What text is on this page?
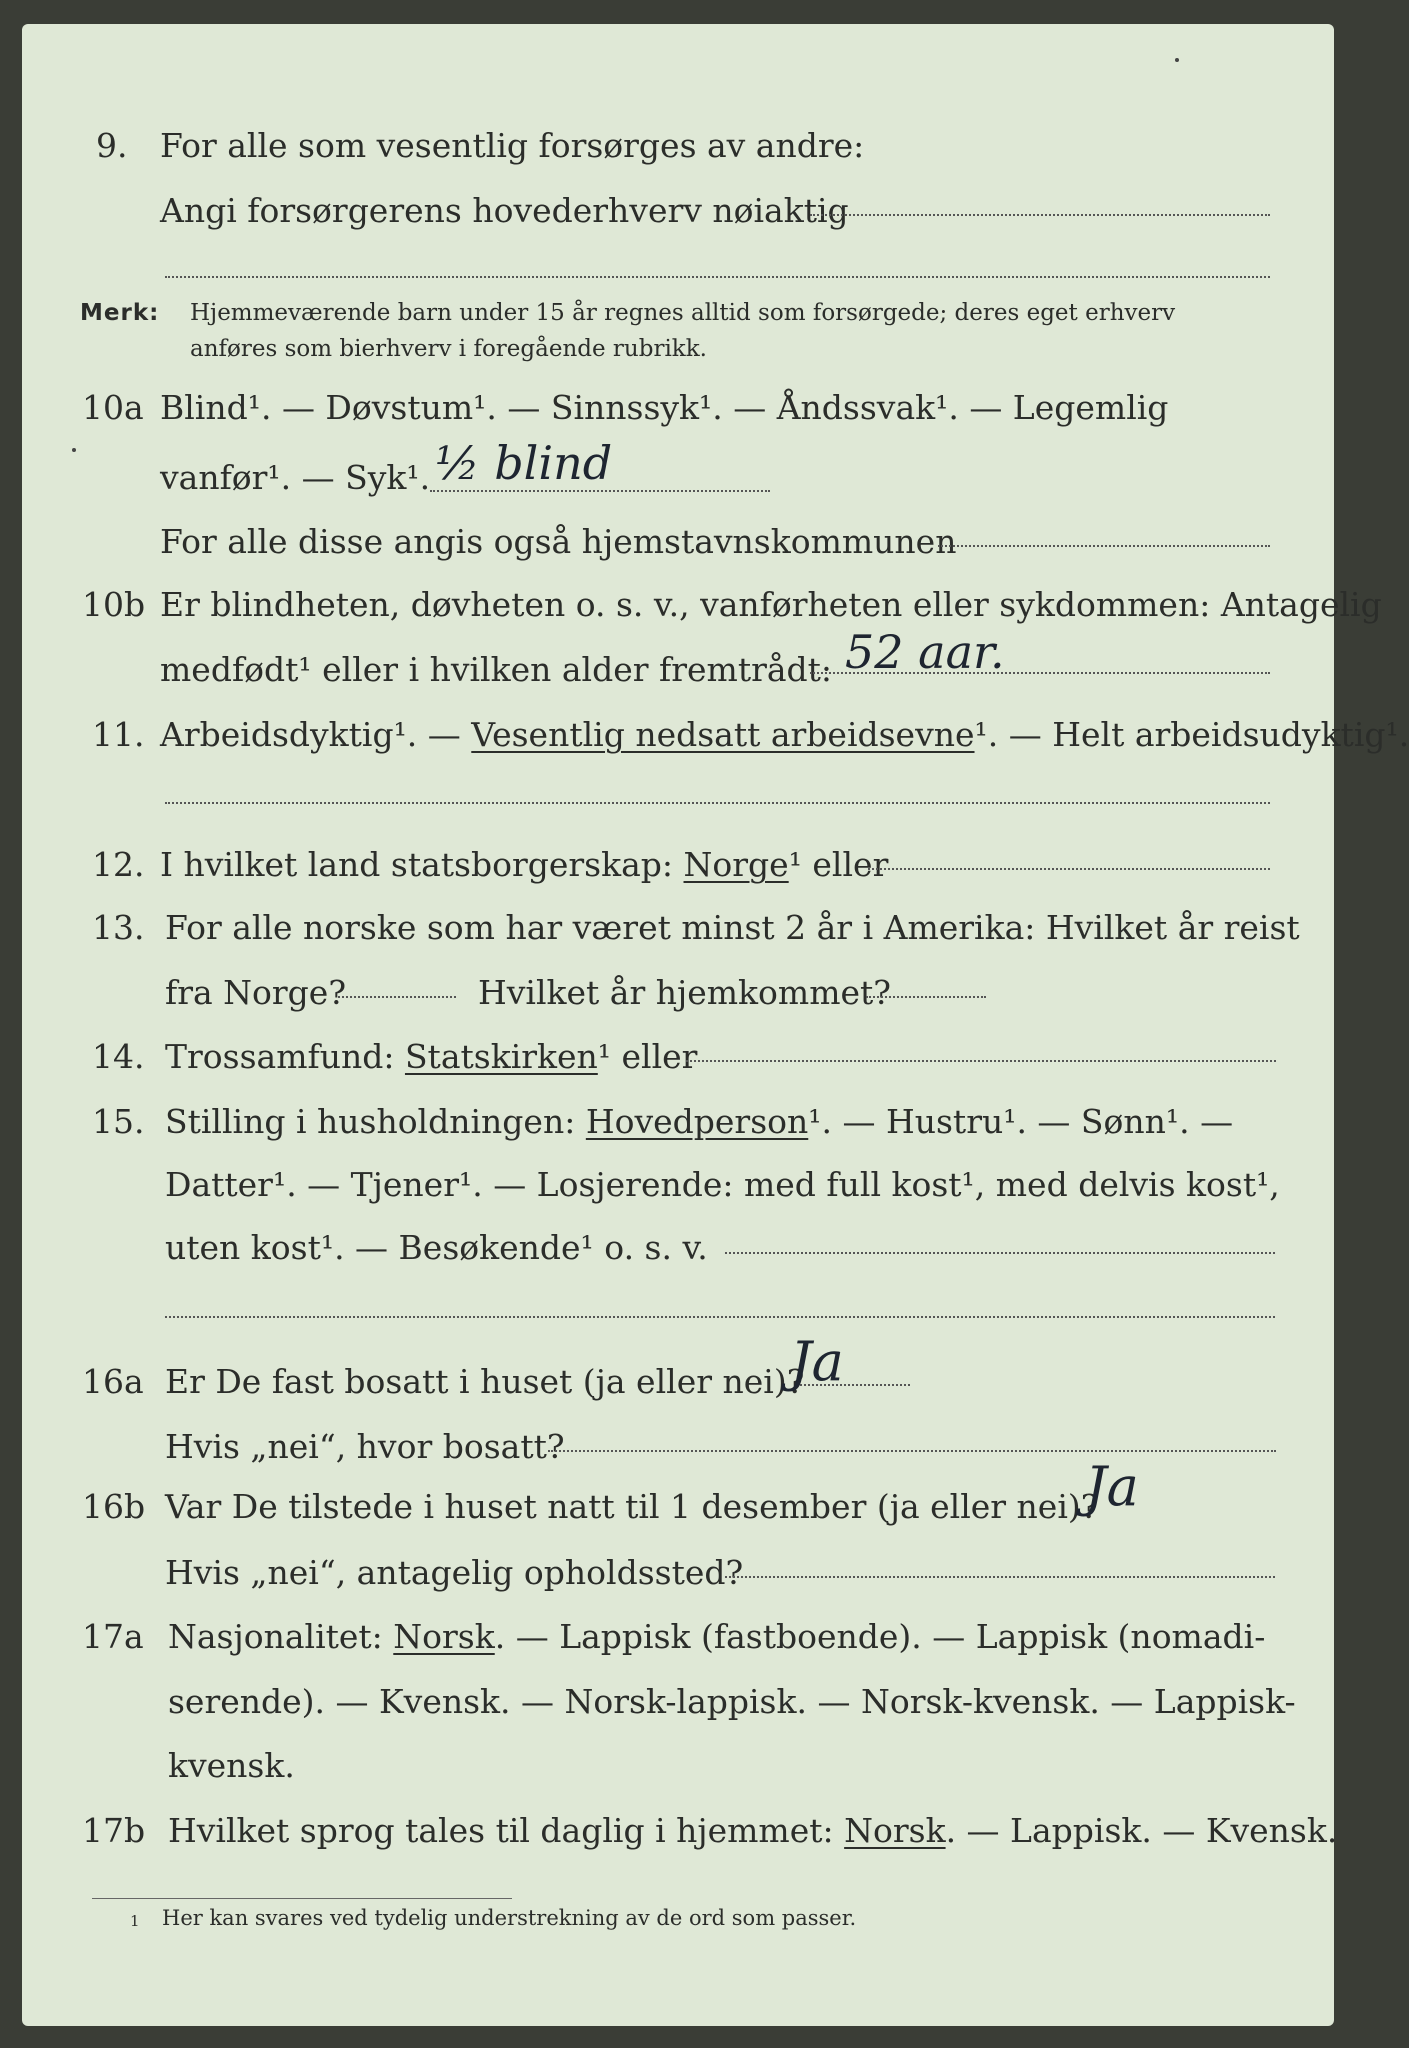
9. For alle som vesentlig forsørges av andre:
Angi forsørgerens hovederhverv nøiaktig
Merk: Hjemmeværende barn under 15 år regnes alltid som forsørgede; deres eget erhverv
anføres som bierhverv i foregående rubrikk.
10a Blind¹. — Døvstum¹. — Sinnssyk¹. — Åndssvak¹. — Legemlig
vanfør¹. — Syk¹. ½ blind
For alle disse angis også hjemstavnskommunen
10b Er blindheten, døvheten o. s. v., vanførheten eller sykdommen: Antagelig
medfødt¹ eller i hvilken alder fremtrådt: 52 aar.
11. Arbeidsdyktig¹. — Vesentlig nedsatt arbeidsevne¹. — Helt arbeidsudyktig¹.
12. I hvilket land statsborgerskap: Norge¹ eller
13. For alle norske som har været minst 2 år i Amerika: Hvilket år reist
fra Norge?	Hvilket år hjemkommet?
14. Trossamfund: Statskirken¹ eller
15. Stilling i husholdningen: Hovedperson¹. — Hustru¹. — Sønn¹. —
Datter¹. — Tjener¹. — Losjerende: med full kost¹, med delvis kost¹,
uten kost¹. — Besøkende¹ o. s. v.
16a Er De fast bosatt i huset (ja eller nei)?
Ja
Hvis „nei“, hvor bosatt?
16b Var De tilstede i huset natt til 1 desember (ja eller nei)?
Ja
Hvis „nei“, antagelig opholdssted?
17a Nasjonalitet: Norsk. — Lappisk (fastboende). — Lappisk (nomadi-
serende). — Kvensk. — Norsk-lappisk. — Norsk-kvensk. — Lappisk-
kvensk.
17b Hvilket sprog tales til daglig i hjemmet: Norsk. — Lappisk. — Kvensk.
1 Her kan svares ved tydelig understrekning av de ord som passer.
